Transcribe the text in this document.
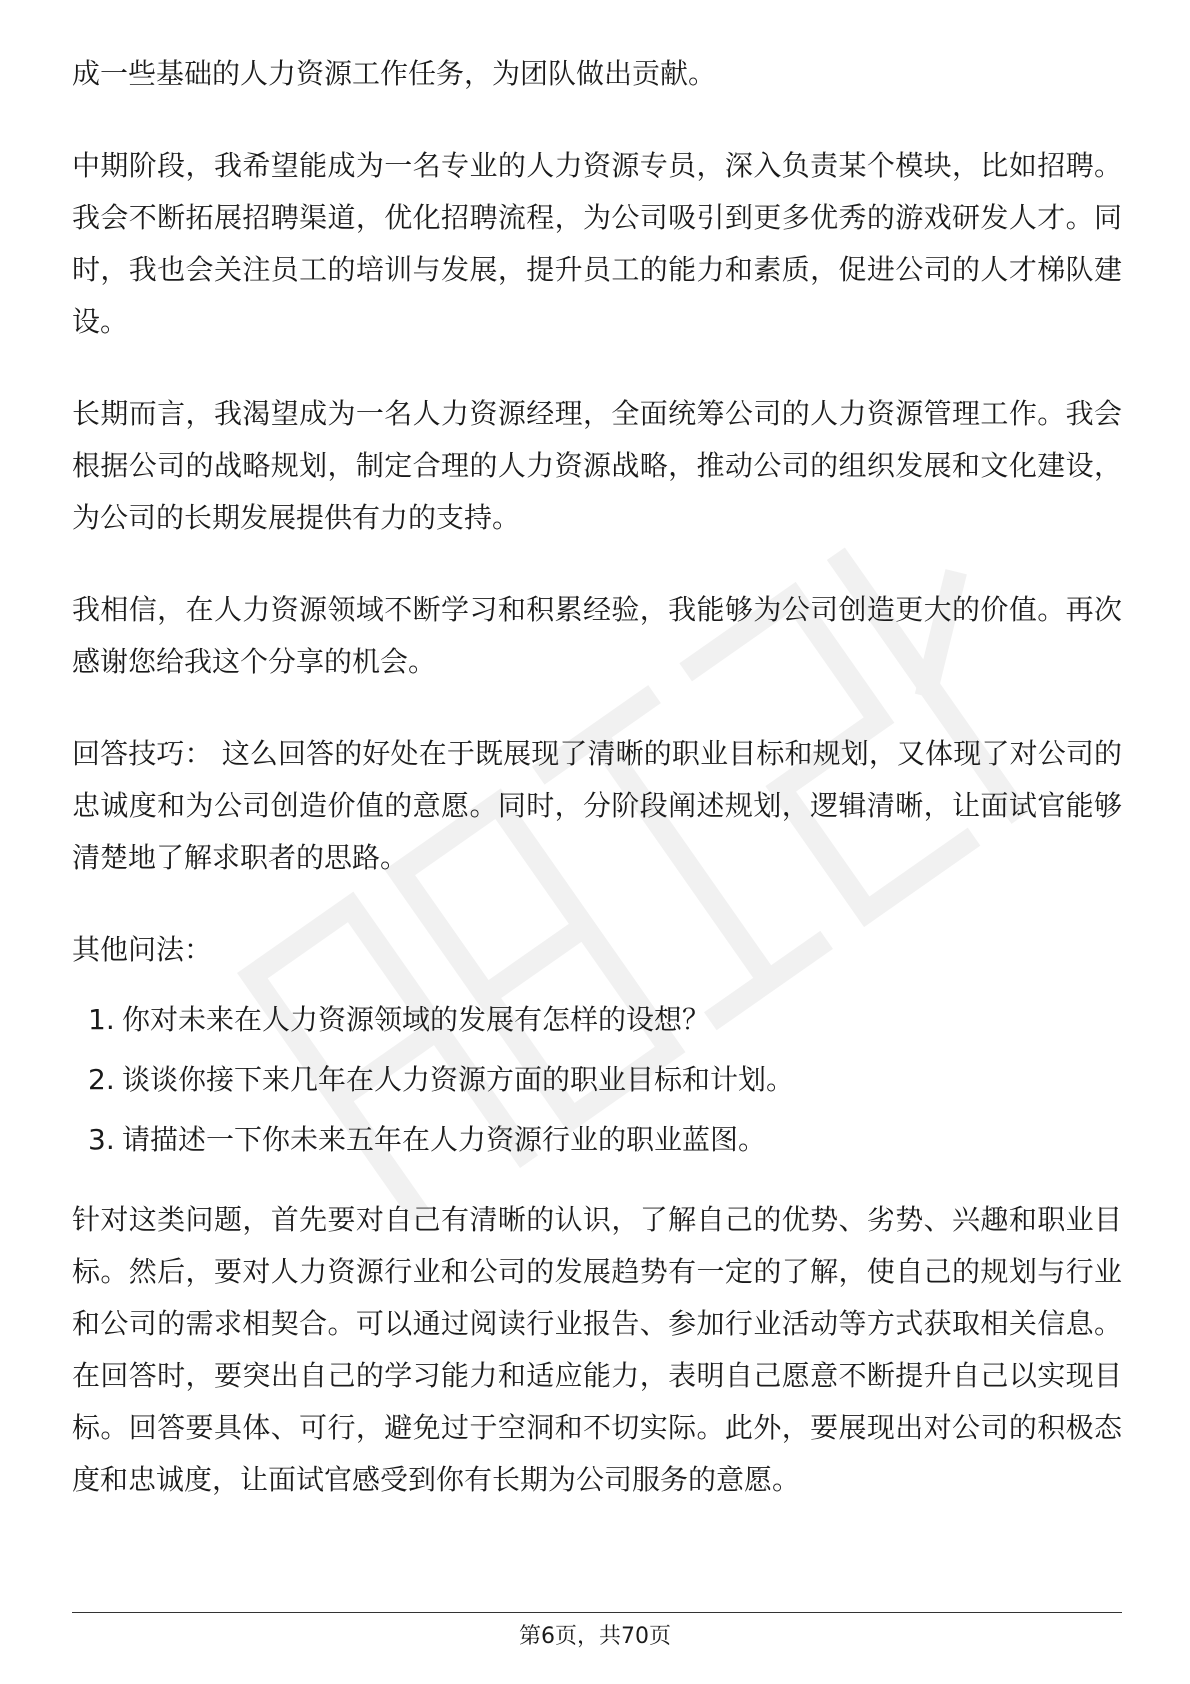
成一些基础的人力资源工作任务，为团队做出贡献。

中期阶段，我希望能成为一名专业的人力资源专员，深入负责某个模块，比如招聘。我会不断拓展招聘渠道，优化招聘流程，为公司吸引到更多优秀的游戏研发人才。同时，我也会关注员工的培训与发展，提升员工的能力和素质，促进公司的人才梯队建设。

长期而言，我渴望成为一名人力资源经理，全面统筹公司的人力资源管理工作。我会根据公司的战略规划，制定合理的人力资源战略，推动公司的组织发展和文化建设，为公司的长期发展提供有力的支持。

我相信，在人力资源领域不断学习和积累经验，我能够为公司创造更大的价值。再次感谢您给我这个分享的机会。

回答技巧： 这么回答的好处在于既展现了清晰的职业目标和规划，又体现了对公司的忠诚度和为公司创造价值的意愿。同时，分阶段阐述规划，逻辑清晰，让面试官能够清楚地了解求职者的思路。

其他问法：

1. 你对未来在人力资源领域的发展有怎样的设想？
2. 谈谈你接下来几年在人力资源方面的职业目标和计划。
3. 请描述一下你未来五年在人力资源行业的职业蓝图。

针对这类问题，首先要对自己有清晰的认识，了解自己的优势、劣势、兴趣和职业目标。然后，要对人力资源行业和公司的发展趋势有一定的了解，使自己的规划与行业和公司的需求相契合。可以通过阅读行业报告、参加行业活动等方式获取相关信息。在回答时，要突出自己的学习能力和适应能力，表明自己愿意不断提升自己以实现目标。回答要具体、可行，避免过于空洞和不切实际。此外，要展现出对公司的积极态度和忠诚度，让面试官感受到你有长期为公司服务的意愿。

第6页，共70页
